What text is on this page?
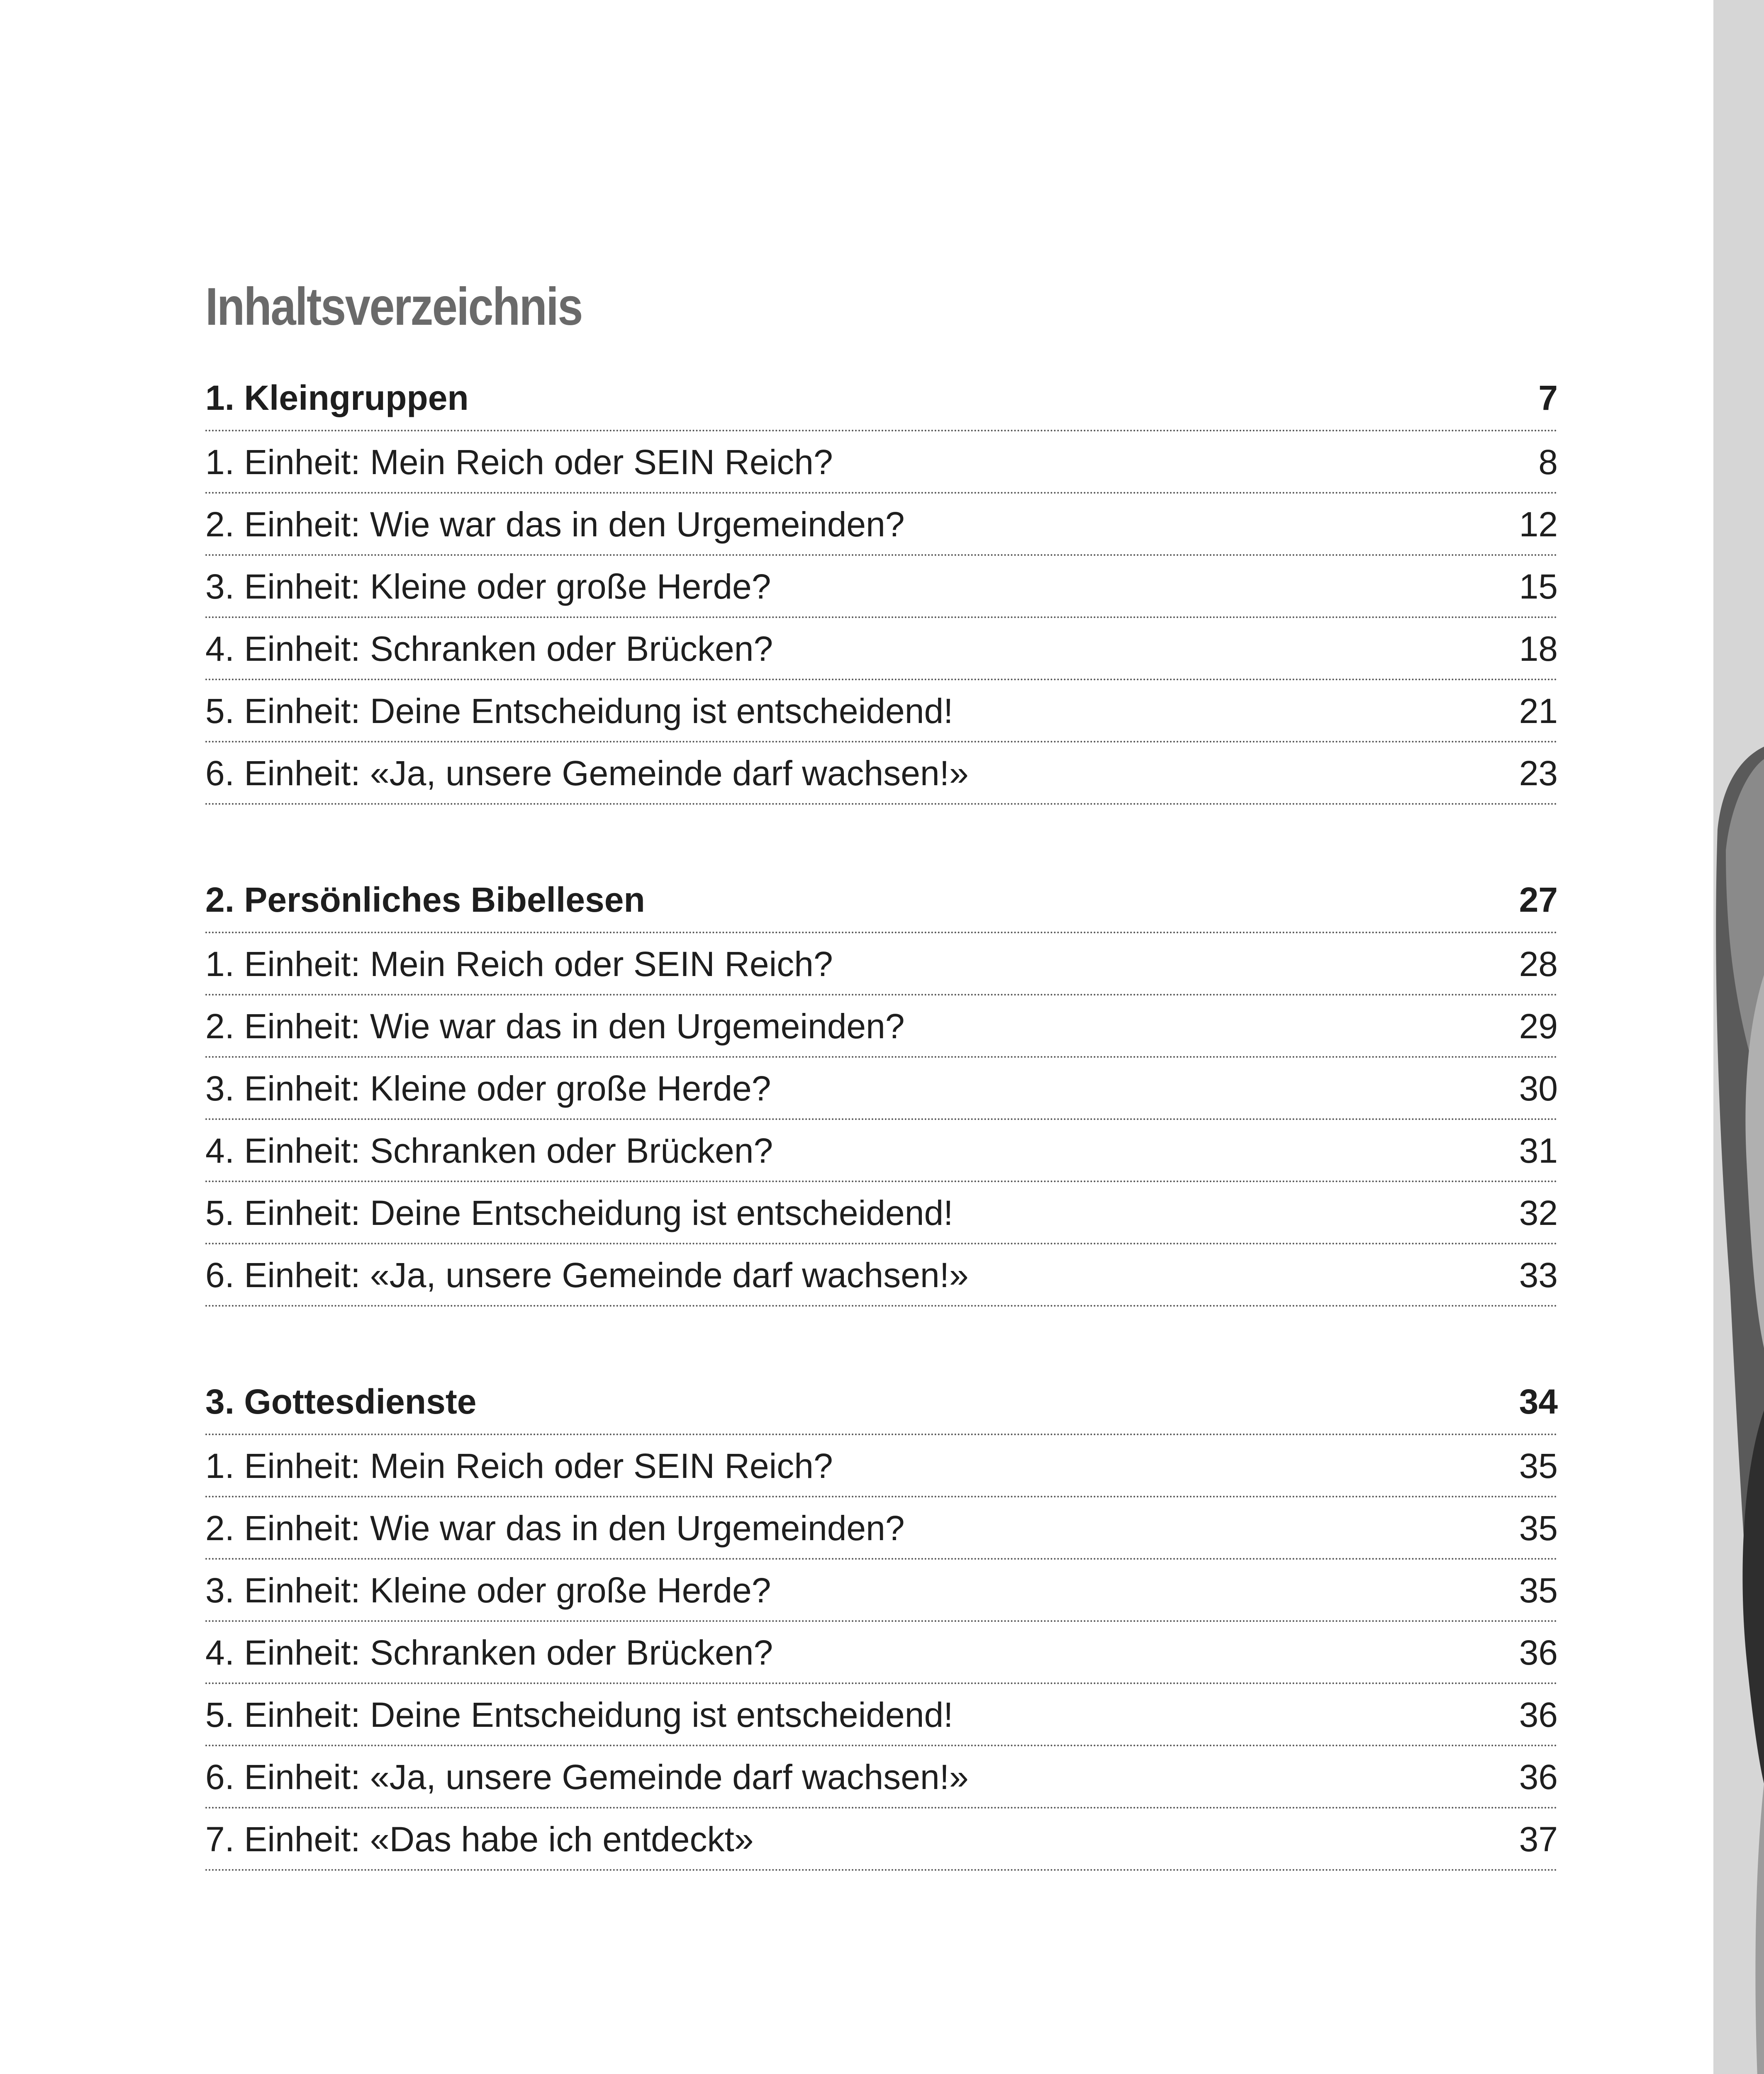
Inhaltsverzeichnis
1. Kleingruppen	7
1. Einheit: Mein Reich oder SEIN Reich?	8
2. Einheit: Wie war das in den Urgemeinden?	12
3. Einheit: Kleine oder große Herde?	15
4. Einheit: Schranken oder Brücken?	18
5. Einheit: Deine Entscheidung ist entscheidend!	21
6. Einheit: «Ja, unsere Gemeinde darf wachsen!»	23
2. Persönliches Bibellesen	27
1. Einheit: Mein Reich oder SEIN Reich?	28
2. Einheit: Wie war das in den Urgemeinden?	29
3. Einheit: Kleine oder große Herde?	30
4. Einheit: Schranken oder Brücken?	31
5. Einheit: Deine Entscheidung ist entscheidend!	32
6. Einheit: «Ja, unsere Gemeinde darf wachsen!»	33
3. Gottesdienste	34
1. Einheit: Mein Reich oder SEIN Reich?	35
2. Einheit: Wie war das in den Urgemeinden?	35
3. Einheit: Kleine oder große Herde?	35
4. Einheit: Schranken oder Brücken?	36
5. Einheit: Deine Entscheidung ist entscheidend!	36
6. Einheit: «Ja, unsere Gemeinde darf wachsen!»	36
7. Einheit: «Das habe ich entdeckt»	37
